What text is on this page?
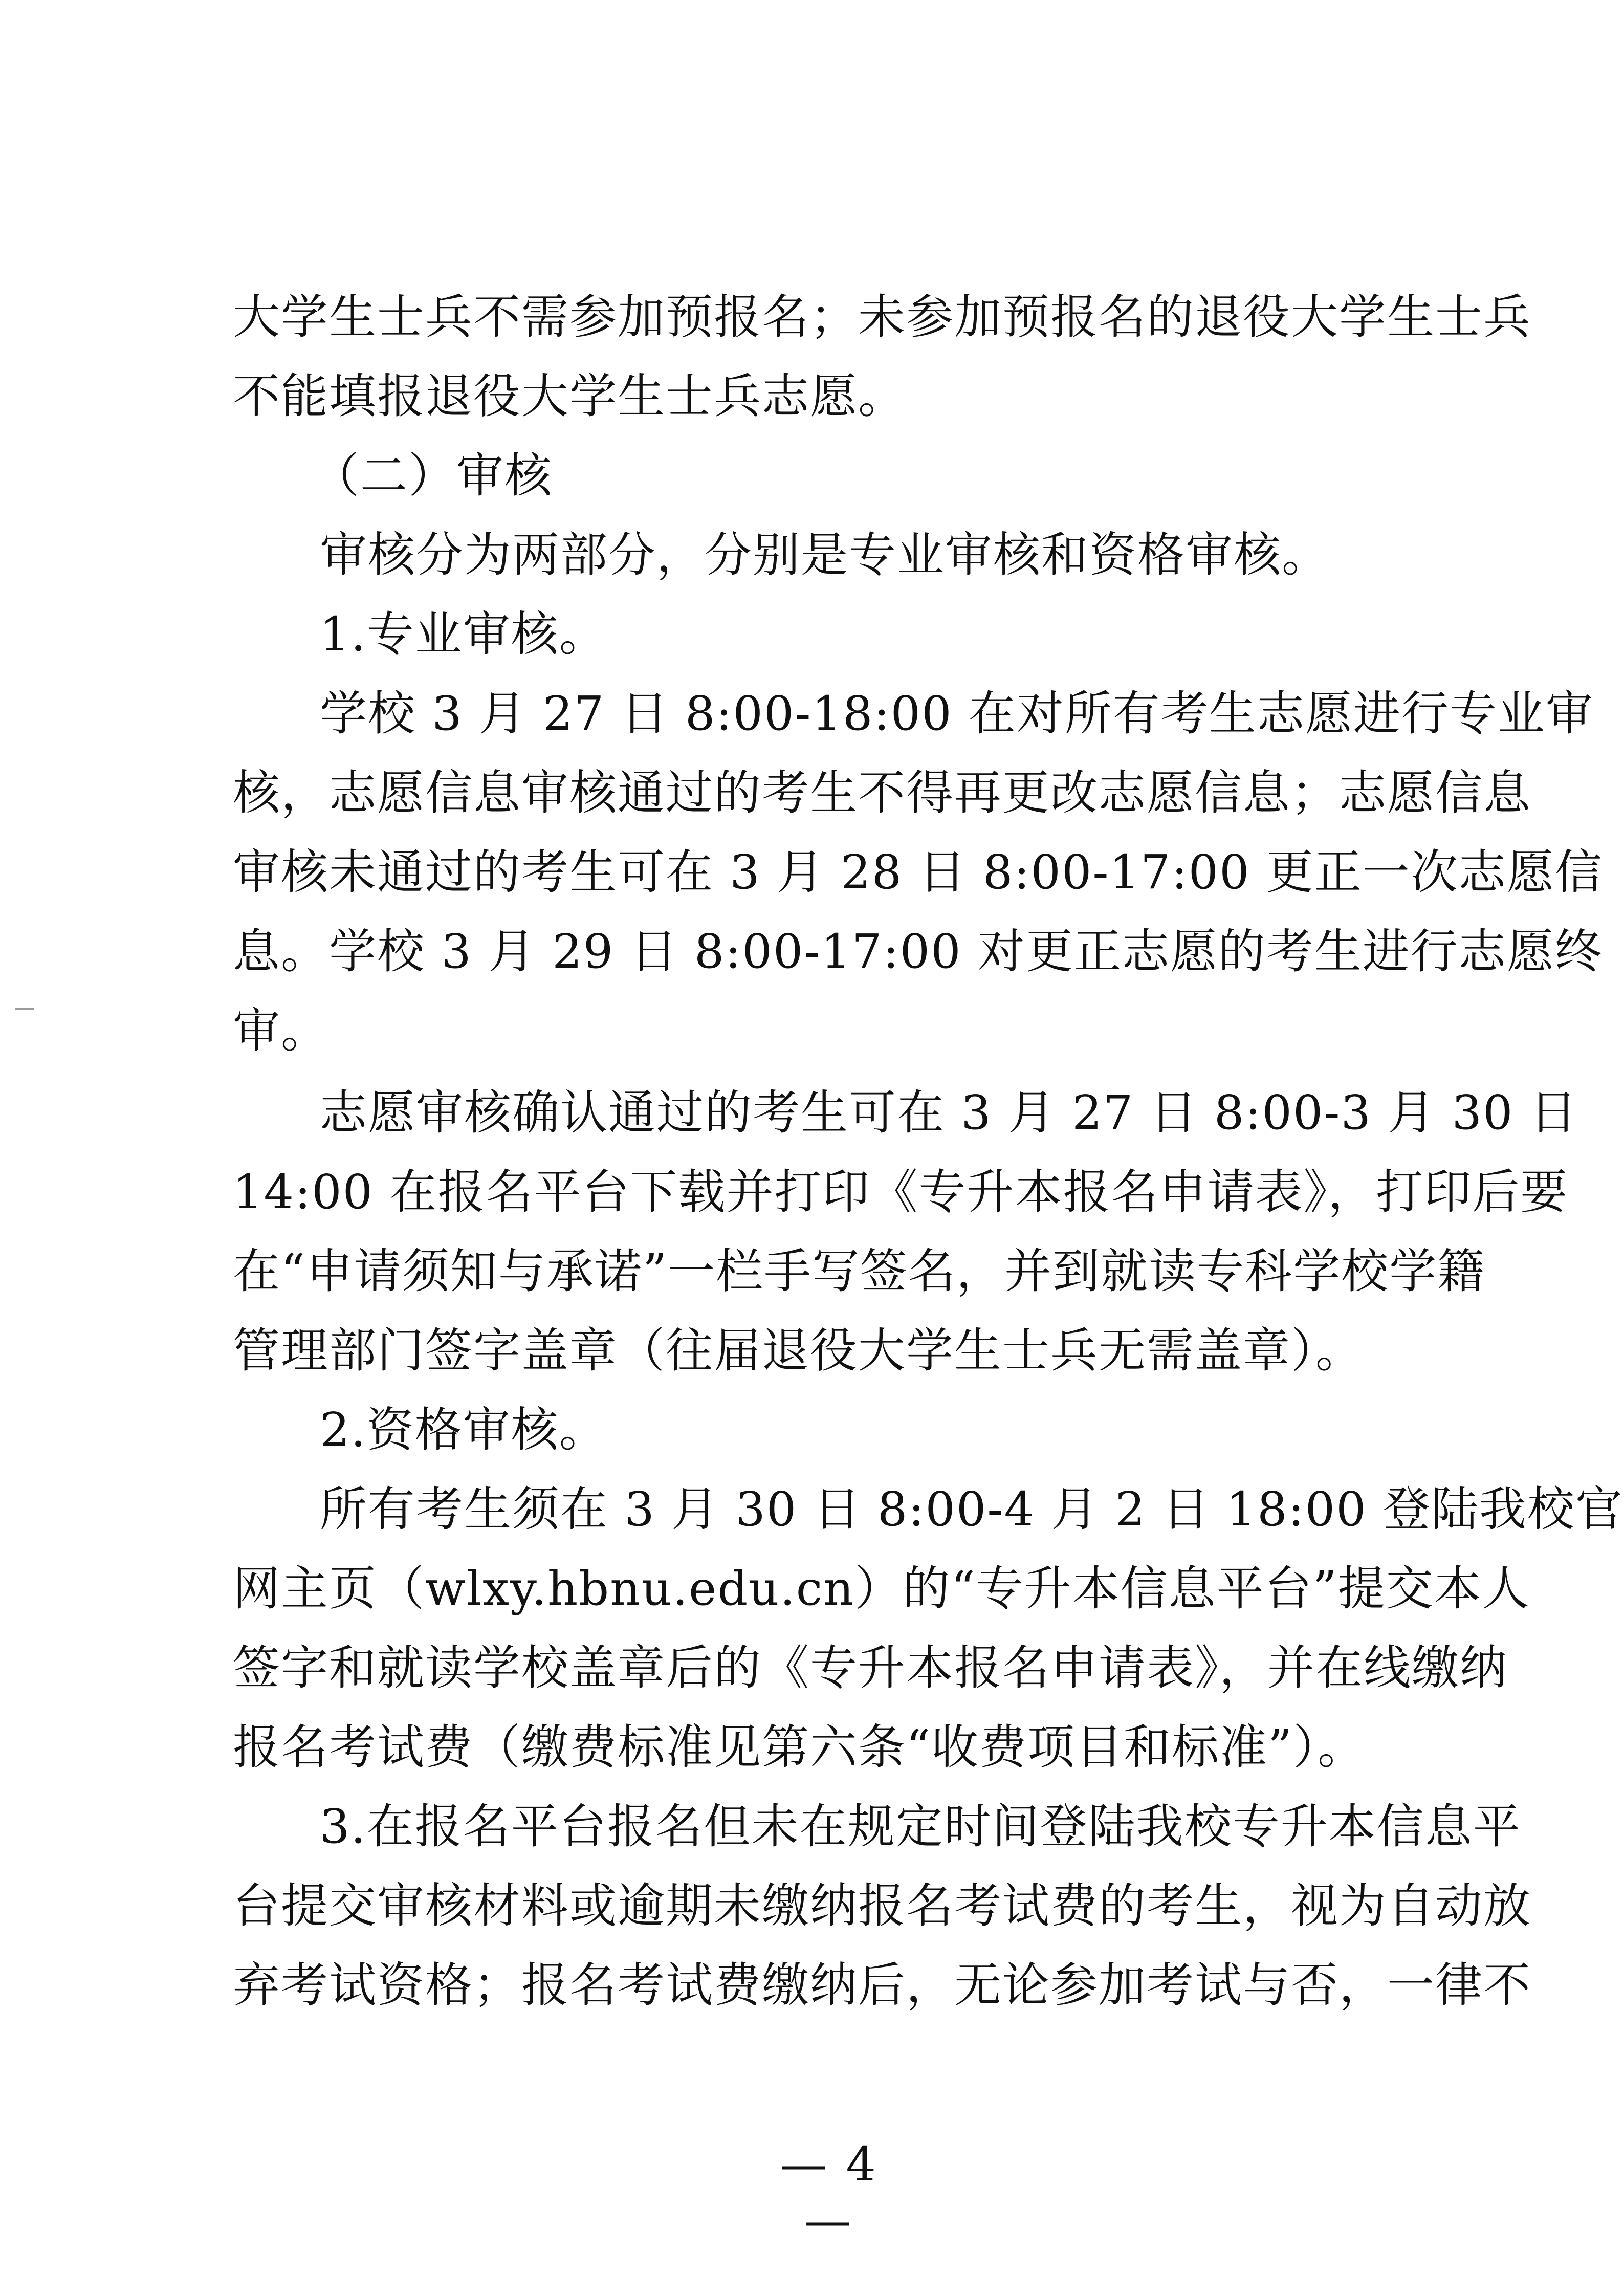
大学生士兵不需参加预报名；未参加预报名的退役大学生士兵
不能填报退役大学生士兵志愿。
（二）审核
审核分为两部分，分别是专业审核和资格审核。
1.专业审核。
学校 3 月 27 日 8:00-18:00 在对所有考生志愿进行专业审
核，志愿信息审核通过的考生不得再更改志愿信息；志愿信息
审核未通过的考生可在 3 月 28 日 8:00-17:00 更正一次志愿信
息。学校 3 月 29 日 8:00-17:00 对更正志愿的考生进行志愿终
审。
志愿审核确认通过的考生可在 3 月 27 日 8:00-3 月 30 日
14:00 在报名平台下载并打印《专升本报名申请表》，打印后要
在“申请须知与承诺”一栏手写签名，并到就读专科学校学籍
管理部门签字盖章（往届退役大学生士兵无需盖章）。
2.资格审核。
所有考生须在 3 月 30 日 8:00-4 月 2 日 18:00 登陆我校官
网主页（wlxy.hbnu.edu.cn）的“专升本信息平台”提交本人
签字和就读学校盖章后的《专升本报名申请表》，并在线缴纳
报名考试费（缴费标准见第六条“收费项目和标准”）。
3.在报名平台报名但未在规定时间登陆我校专升本信息平
台提交审核材料或逾期未缴纳报名考试费的考生，视为自动放
弃考试资格；报名考试费缴纳后，无论参加考试与否，一律不
— 4 —
